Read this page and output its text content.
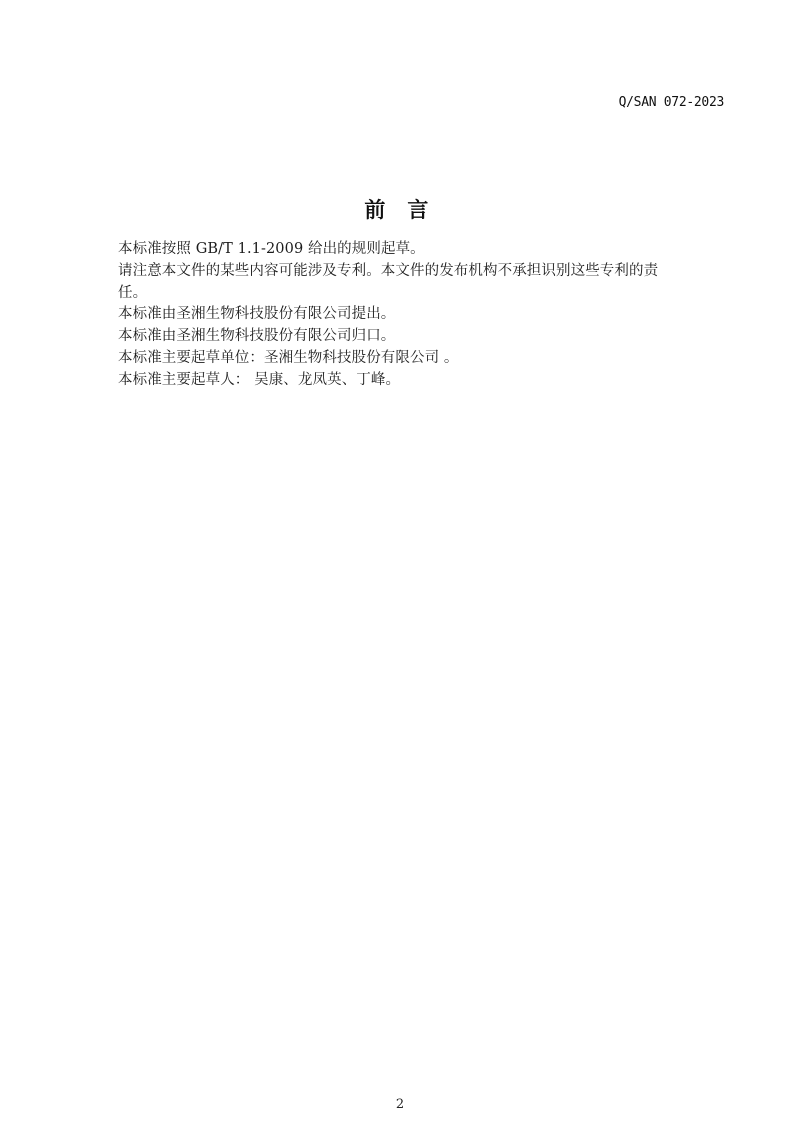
Q/SAN 072-2023
前 言

本标准按照 GB/T 1.1-2009 给出的规则起草。

请注意本文件的某些内容可能涉及专利。本文件的发布机构不承担识别这些专利的责任。

本标准由圣湘生物科技股份有限公司提出。

本标准由圣湘生物科技股份有限公司归口。

本标准主要起草单位：圣湘生物科技股份有限公司 。

本标准主要起草人： 吴康、龙凤英、丁峰。

2
